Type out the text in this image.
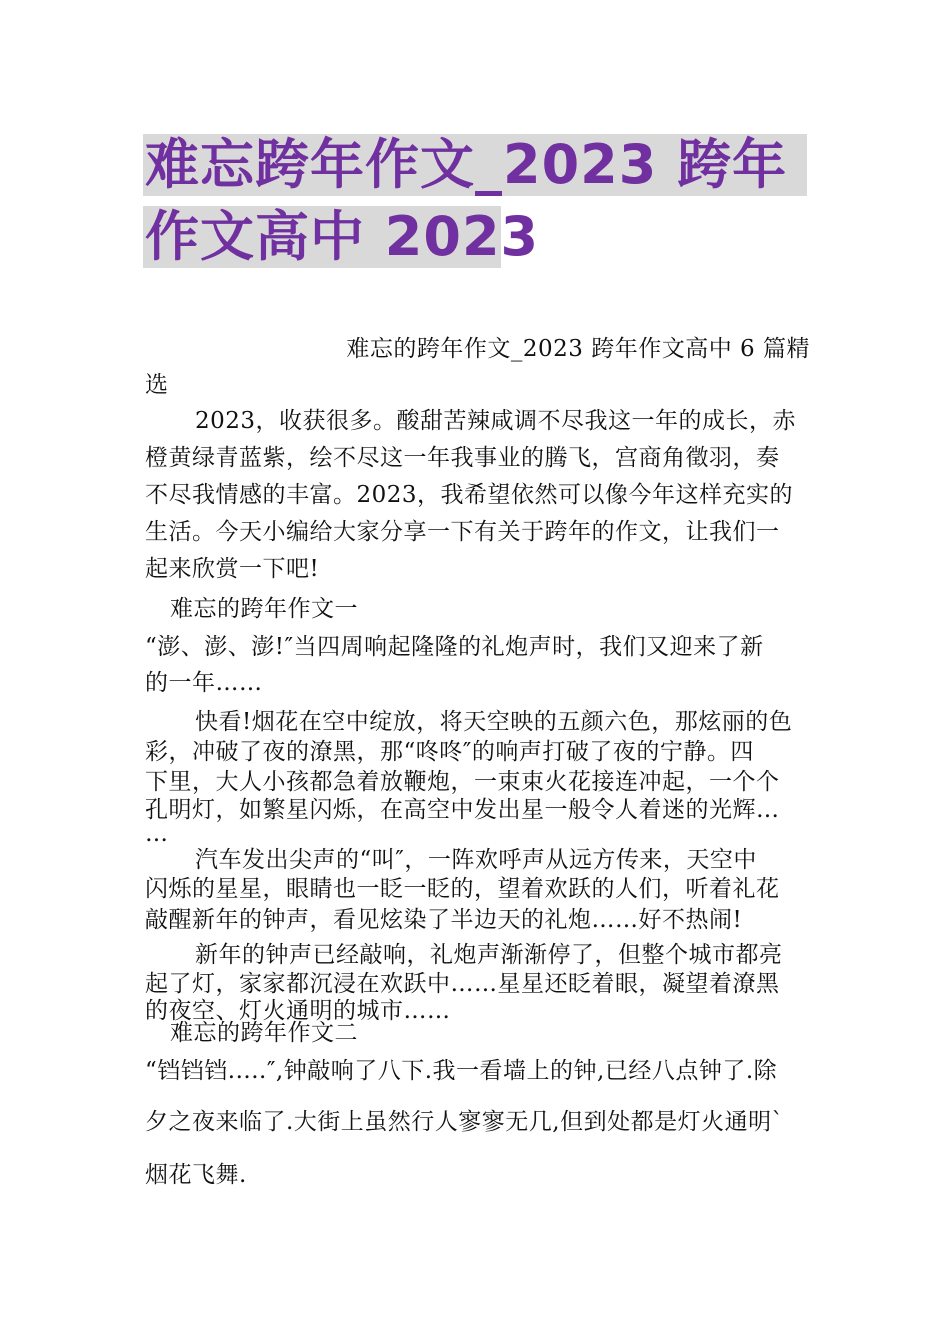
难忘跨年作文_2023 跨年
作文高中 2023
难忘的跨年作文_2023 跨年作文高中 6 篇精
选
2023，收获很多。酸甜苦辣咸调不尽我这一年的成长，赤
橙黄绿青蓝紫，绘不尽这一年我事业的腾飞，宫商角徵羽，奏
不尽我情感的丰富。2023，我希望依然可以像今年这样充实的
生活。今天小编给大家分享一下有关于跨年的作文，让我们一
起来欣赏一下吧!
难忘的跨年作文一
“澎、澎、澎!″当四周响起隆隆的礼炮声时，我们又迎来了新
的一年……
快看!烟花在空中绽放，将天空映的五颜六色，那炫丽的色
彩，冲破了夜的潦黑，那“咚咚″的响声打破了夜的宁静。四
下里，大人小孩都急着放鞭炮，一束束火花接连冲起，一个个
孔明灯，如繁星闪烁，在高空中发出星一般令人着迷的光辉…
…
汽车发出尖声的“叫″，一阵欢呼声从远方传来，天空中
闪烁的星星，眼睛也一眨一眨的，望着欢跃的人们，听着礼花
敲醒新年的钟声，看见炫染了半边天的礼炮……好不热闹!
新年的钟声已经敲响，礼炮声渐渐停了，但整个城市都亮
起了灯，家家都沉浸在欢跃中……星星还眨着眼，凝望着潦黑
的夜空、灯火通明的城市……
难忘的跨年作文二
“铛铛铛.....″,钟敲响了八下.我一看墙上的钟,已经八点钟了.除
夕之夜来临了.大街上虽然行人寥寥无几,但到处都是灯火通明`
烟花飞舞.
